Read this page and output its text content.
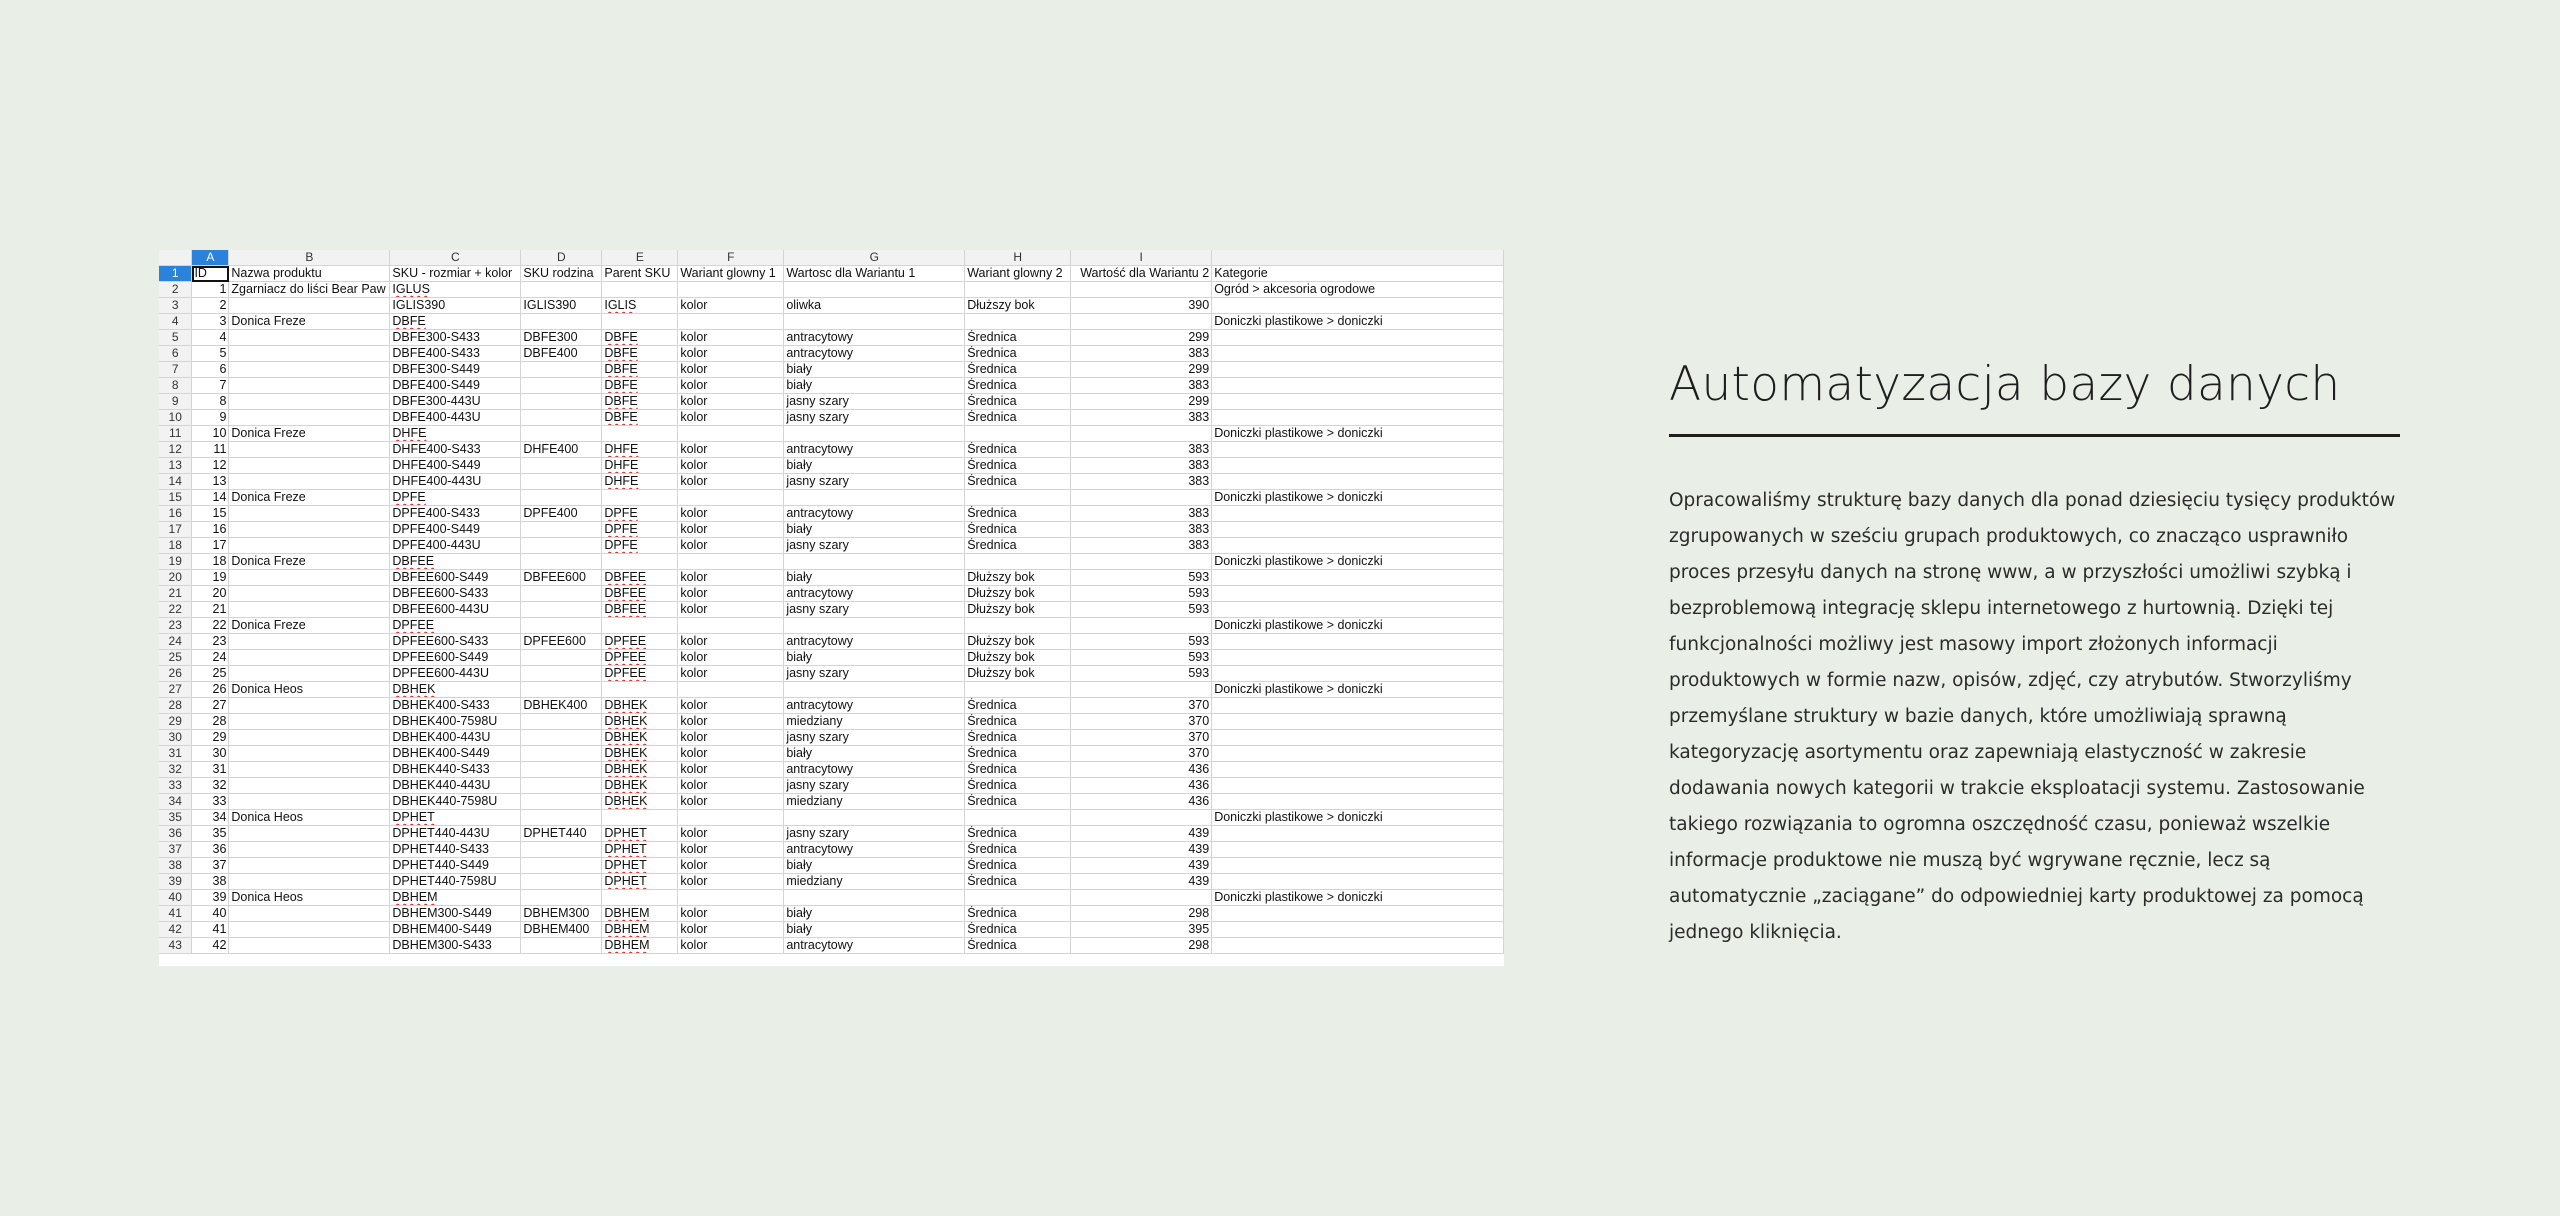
	A	B	C	D	E	F	G	H	I	
1	ID	Nazwa produktu	SKU - rozmiar + kolor	SKU rodzina	Parent SKU	Wariant glowny 1	Wartosc dla Wariantu 1	Wariant glowny 2	Wartość dla Wariantu 2	Kategorie
2	1	Zgarniacz do liści Bear Paw	IGLUS							Ogród > akcesoria ogrodowe
3	2		IGLIS390	IGLIS390	IGLIS	kolor	oliwka	Dłuższy bok	390	
4	3	Donica Freze	DBFE							Doniczki plastikowe > doniczki
5	4		DBFE300-S433	DBFE300	DBFE	kolor	antracytowy	Średnica	299	
6	5		DBFE400-S433	DBFE400	DBFE	kolor	antracytowy	Średnica	383	
7	6		DBFE300-S449		DBFE	kolor	biały	Średnica	299	
8	7		DBFE400-S449		DBFE	kolor	biały	Średnica	383	
9	8		DBFE300-443U		DBFE	kolor	jasny szary	Średnica	299	
10	9		DBFE400-443U		DBFE	kolor	jasny szary	Średnica	383	
11	10	Donica Freze	DHFE							Doniczki plastikowe > doniczki
12	11		DHFE400-S433	DHFE400	DHFE	kolor	antracytowy	Średnica	383	
13	12		DHFE400-S449		DHFE	kolor	biały	Średnica	383	
14	13		DHFE400-443U		DHFE	kolor	jasny szary	Średnica	383	
15	14	Donica Freze	DPFE							Doniczki plastikowe > doniczki
16	15		DPFE400-S433	DPFE400	DPFE	kolor	antracytowy	Średnica	383	
17	16		DPFE400-S449		DPFE	kolor	biały	Średnica	383	
18	17		DPFE400-443U		DPFE	kolor	jasny szary	Średnica	383	
19	18	Donica Freze	DBFEE							Doniczki plastikowe > doniczki
20	19		DBFEE600-S449	DBFEE600	DBFEE	kolor	biały	Dłuższy bok	593	
21	20		DBFEE600-S433		DBFEE	kolor	antracytowy	Dłuższy bok	593	
22	21		DBFEE600-443U		DBFEE	kolor	jasny szary	Dłuższy bok	593	
23	22	Donica Freze	DPFEE							Doniczki plastikowe > doniczki
24	23		DPFEE600-S433	DPFEE600	DPFEE	kolor	antracytowy	Dłuższy bok	593	
25	24		DPFEE600-S449		DPFEE	kolor	biały	Dłuższy bok	593	
26	25		DPFEE600-443U		DPFEE	kolor	jasny szary	Dłuższy bok	593	
27	26	Donica Heos	DBHEK							Doniczki plastikowe > doniczki
28	27		DBHEK400-S433	DBHEK400	DBHEK	kolor	antracytowy	Średnica	370	
29	28		DBHEK400-7598U		DBHEK	kolor	miedziany	Średnica	370	
30	29		DBHEK400-443U		DBHEK	kolor	jasny szary	Średnica	370	
31	30		DBHEK400-S449		DBHEK	kolor	biały	Średnica	370	
32	31		DBHEK440-S433		DBHEK	kolor	antracytowy	Średnica	436	
33	32		DBHEK440-443U		DBHEK	kolor	jasny szary	Średnica	436	
34	33		DBHEK440-7598U		DBHEK	kolor	miedziany	Średnica	436	
35	34	Donica Heos	DPHET							Doniczki plastikowe > doniczki
36	35		DPHET440-443U	DPHET440	DPHET	kolor	jasny szary	Średnica	439	
37	36		DPHET440-S433		DPHET	kolor	antracytowy	Średnica	439	
38	37		DPHET440-S449		DPHET	kolor	biały	Średnica	439	
39	38		DPHET440-7598U		DPHET	kolor	miedziany	Średnica	439	
40	39	Donica Heos	DBHEM							Doniczki plastikowe > doniczki
41	40		DBHEM300-S449	DBHEM300	DBHEM	kolor	biały	Średnica	298	
42	41		DBHEM400-S449	DBHEM400	DBHEM	kolor	biały	Średnica	395	
43	42		DBHEM300-S433		DBHEM	kolor	antracytowy	Średnica	298	
Automatyzacja bazy danych

Opracowaliśmy strukturę bazy danych dla ponad dziesięciu tysięcy produktów zgrupowanych w sześciu grupach produktowych, co znacząco usprawniło proces przesyłu danych na stronę www, a w przyszłości umożliwi szybką i bezproblemową integrację sklepu internetowego z hurtownią. Dzięki tej funkcjonalności możliwy jest masowy import złożonych informacji produktowych w formie nazw, opisów, zdjęć, czy atrybutów. Stworzyliśmy przemyślane struktury w bazie danych, które umożliwiają sprawną kategoryzację asortymentu oraz zapewniają elastyczność w zakresie dodawania nowych kategorii w trakcie eksploatacji systemu. Zastosowanie takiego rozwiązania to ogromna oszczędność czasu, ponieważ wszelkie informacje produktowe nie muszą być wgrywane ręcznie, lecz są automatycznie „zaciągane” do odpowiedniej karty produktowej za pomocą jednego kliknięcia.
